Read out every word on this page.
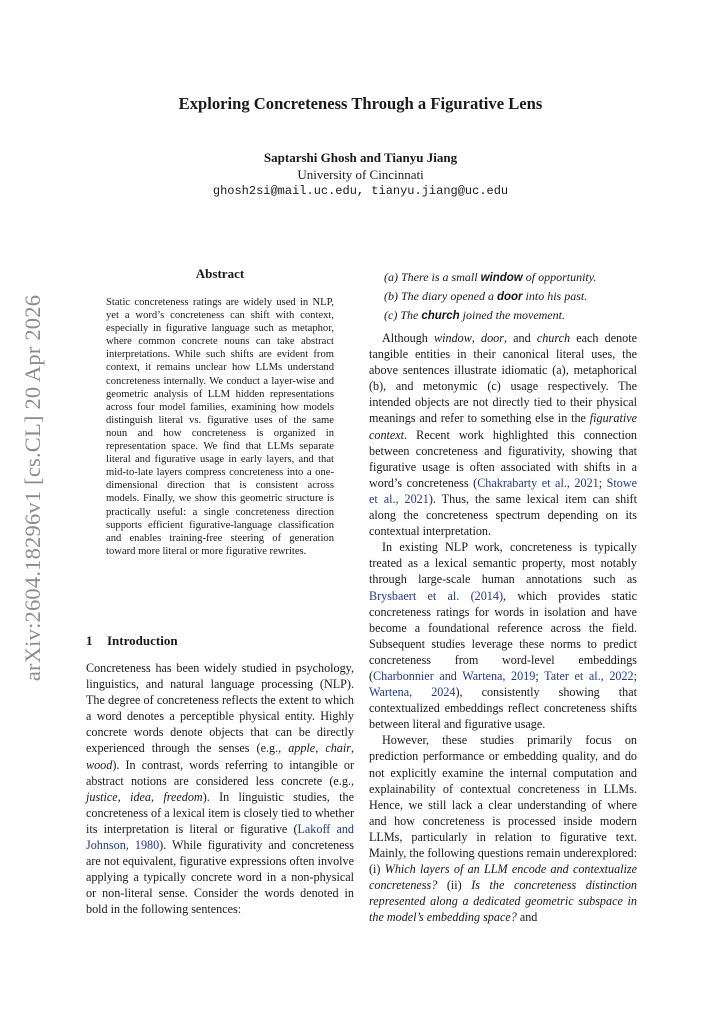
arXiv:2604.18296v1 [cs.CL] 20 Apr 2026
Exploring Concreteness Through a Figurative Lens
Saptarshi Ghosh and Tianyu Jiang
University of Cincinnati
ghosh2si@mail.uc.edu, tianyu.jiang@uc.edu
Abstract
Static concreteness ratings are widely used in NLP, yet a word’s concreteness can shift with context, especially in figurative language such as metaphor, where common concrete nouns can take abstract interpretations. While such shifts are evident from context, it remains unclear how LLMs understand concreteness internally. We conduct a layer-wise and geometric analysis of LLM hidden representations across four model families, examining how models distinguish literal vs. figurative uses of the same noun and how concreteness is organized in representation space. We find that LLMs separate literal and figurative usage in early layers, and that mid-to-late layers compress concreteness into a one-dimensional direction that is consistent across models. Finally, we show this geometric structure is practically useful: a single concreteness direction supports efficient figurative-language classification and enables training-free steering of generation toward more literal or more figurative rewrites.
1 Introduction

Concreteness has been widely studied in psychology, linguistics, and natural language processing (NLP). The degree of concreteness reflects the extent to which a word denotes a perceptible physical entity. Highly concrete words denote objects that can be directly experienced through the senses (e.g., apple, chair, wood). In contrast, words referring to intangible or abstract notions are considered less concrete (e.g., justice, idea, freedom). In linguistic studies, the concreteness of a lexical item is closely tied to whether its interpretation is literal or figurative (Lakoff and Johnson, 1980). While figurativity and concreteness are not equivalent, figurative expressions often involve applying a typically concrete word in a non-physical or non-literal sense. Consider the words denoted in bold in the following sentences:

(a) There is a small window of opportunity.
(b) The diary opened a door into his past.
(c) The church joined the movement.

Although window, door, and church each denote tangible entities in their canonical literal uses, the above sentences illustrate idiomatic (a), metaphorical (b), and metonymic (c) usage respectively. The intended objects are not directly tied to their physical meanings and refer to something else in the figurative context. Recent work highlighted this connection between concreteness and figurativity, showing that figurative usage is often associated with shifts in a word’s concreteness (Chakrabarty et al., 2021; Stowe et al., 2021). Thus, the same lexical item can shift along the concreteness spectrum depending on its contextual interpretation.

In existing NLP work, concreteness is typically treated as a lexical semantic property, most notably through large-scale human annotations such as Brysbaert et al. (2014), which provides static concreteness ratings for words in isolation and have become a foundational reference across the field. Subsequent studies leverage these norms to predict concreteness from word-level embeddings (Charbonnier and Wartena, 2019; Tater et al., 2022; Wartena, 2024), consistently showing that contextualized embeddings reflect concreteness shifts between literal and figurative usage.

However, these studies primarily focus on prediction performance or embedding quality, and do not explicitly examine the internal computation and explainability of contextual concreteness in LLMs. Hence, we still lack a clear understanding of where and how concreteness is processed inside modern LLMs, particularly in relation to figurative text. Mainly, the following questions remain underexplored: (i) Which layers of an LLM encode and contextualize concreteness? (ii) Is the concreteness distinction represented along a dedicated geometric subspace in the model’s embedding space? and
